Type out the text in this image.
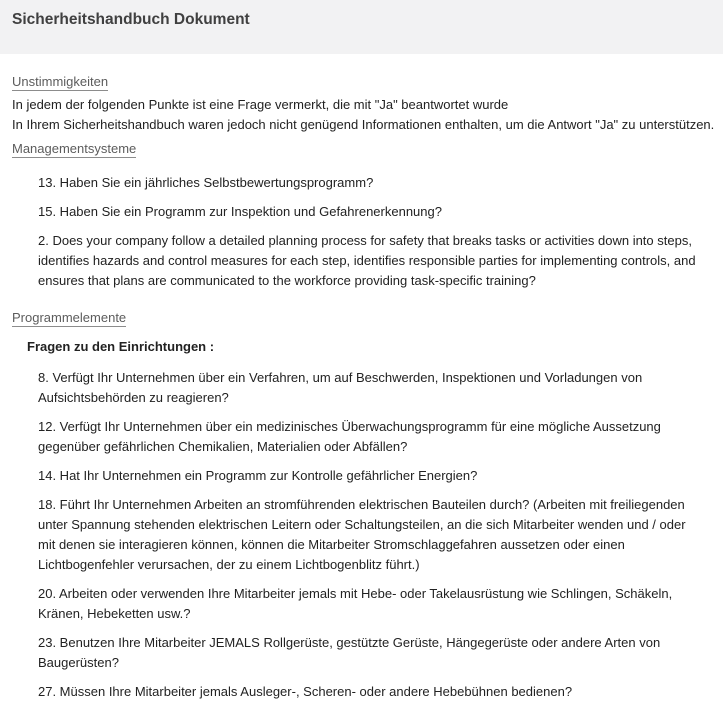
Sicherheitshandbuch Dokument
Unstimmigkeiten

In jedem der folgenden Punkte ist eine Frage vermerkt, die mit "Ja" beantwortet wurde

In Ihrem Sicherheitshandbuch waren jedoch nicht genügend Informationen enthalten, um die Antwort "Ja" zu unterstützen.

Managementsysteme
13. Haben Sie ein jährliches Selbstbewertungsprogramm?
15. Haben Sie ein Programm zur Inspektion und Gefahrenerkennung?
2. Does your company follow a detailed planning process for safety that breaks tasks or activities down into steps, identifies hazards and control measures for each step, identifies responsible parties for implementing controls, and ensures that plans are communicated to the workforce providing task-specific training?
Programmelemente
Fragen zu den Einrichtungen :
8. Verfügt Ihr Unternehmen über ein Verfahren, um auf Beschwerden, Inspektionen und Vorladungen von Aufsichtsbehörden zu reagieren?
12. Verfügt Ihr Unternehmen über ein medizinisches Überwachungsprogramm für eine mögliche Aussetzung gegenüber gefährlichen Chemikalien, Materialien oder Abfällen?
14. Hat Ihr Unternehmen ein Programm zur Kontrolle gefährlicher Energien?
18. Führt Ihr Unternehmen Arbeiten an stromführenden elektrischen Bauteilen durch? (Arbeiten mit freiliegenden unter Spannung stehenden elektrischen Leitern oder Schaltungsteilen, an die sich Mitarbeiter wenden und / oder mit denen sie interagieren können, können die Mitarbeiter Stromschlaggefahren aussetzen oder einen Lichtbogenfehler verursachen, der zu einem Lichtbogenblitz führt.)
20. Arbeiten oder verwenden Ihre Mitarbeiter jemals mit Hebe- oder Takelausrüstung wie Schlingen, Schäkeln, Kränen, Hebeketten usw.?
23. Benutzen Ihre Mitarbeiter JEMALS Rollgerüste, gestützte Gerüste, Hängegerüste oder andere Arten von Baugerüsten?
27. Müssen Ihre Mitarbeiter jemals Ausleger-, Scheren- oder andere Hebebühnen bedienen?
